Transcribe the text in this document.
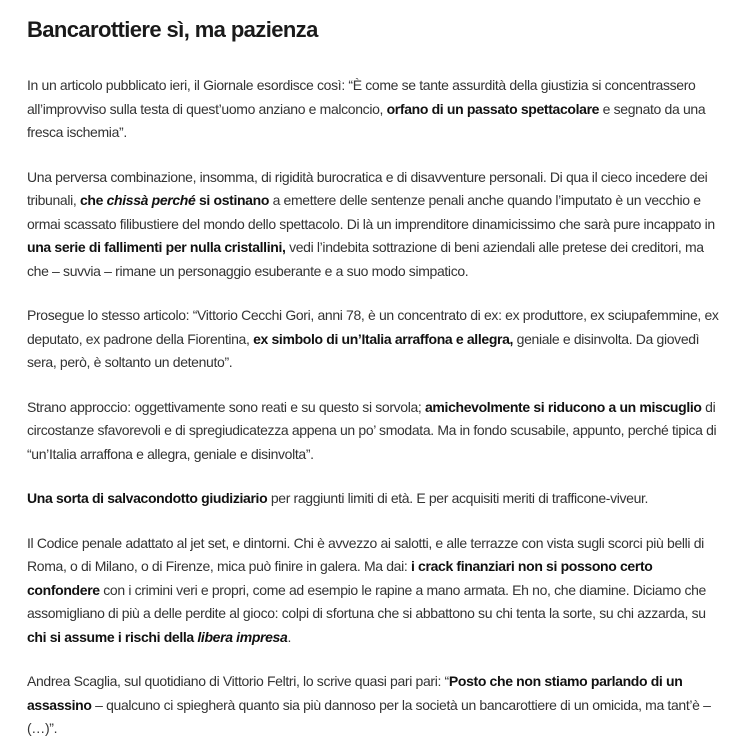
Bancarottiere sì, ma pazienza

In un articolo pubblicato ieri, il Giornale esordisce così: “È come se tante assurdità della giustizia si concentrassero all’improvviso sulla testa di quest’uomo anziano e malconcio, orfano di un passato spettacolare e segnato da una fresca ischemia”.

Una perversa combinazione, insomma, di rigidità burocratica e di disavventure personali. Di qua il cieco incedere dei tribunali, che chissà perché si ostinano a emettere delle sentenze penali anche quando l’imputato è un vecchio e ormai scassato filibustiere del mondo dello spettacolo. Di là un imprenditore dinamicissimo che sarà pure incappato in una serie di fallimenti per nulla cristallini, vedi l’indebita sottrazione di beni aziendali alle pretese dei creditori, ma che – suvvia – rimane un personaggio esuberante e a suo modo simpatico.

Prosegue lo stesso articolo: “Vittorio Cecchi Gori, anni 78, è un concentrato di ex: ex produttore, ex sciupafemmine, ex deputato, ex padrone della Fiorentina, ex simbolo di un’Italia arraffona e allegra, geniale e disinvolta. Da giovedì sera, però, è soltanto un detenuto”.

Strano approccio: oggettivamente sono reati e su questo si sorvola; amichevolmente si riducono a un miscuglio di circostanze sfavorevoli e di spregiudicatezza appena un po’ smodata. Ma in fondo scusabile, appunto, perché tipica di “un’Italia arraffona e allegra, geniale e disinvolta”.

Una sorta di salvacondotto giudiziario per raggiunti limiti di età. E per acquisiti meriti di trafficone-viveur.

Il Codice penale adattato al jet set, e dintorni. Chi è avvezzo ai salotti, e alle terrazze con vista sugli scorci più belli di Roma, o di Milano, o di Firenze, mica può finire in galera. Ma dai: i crack finanziari non si possono certo confondere con i crimini veri e propri, come ad esempio le rapine a mano armata. Eh no, che diamine. Diciamo che assomigliano di più a delle perdite al gioco: colpi di sfortuna che si abbattono su chi tenta la sorte, su chi azzarda, su chi si assume i rischi della libera impresa.

Andrea Scaglia, sul quotidiano di Vittorio Feltri, lo scrive quasi pari pari: “Posto che non stiamo parlando di un assassino – qualcuno ci spiegherà quanto sia più dannoso per la società un bancarottiere di un omicida, ma tant’è – (…)”.
